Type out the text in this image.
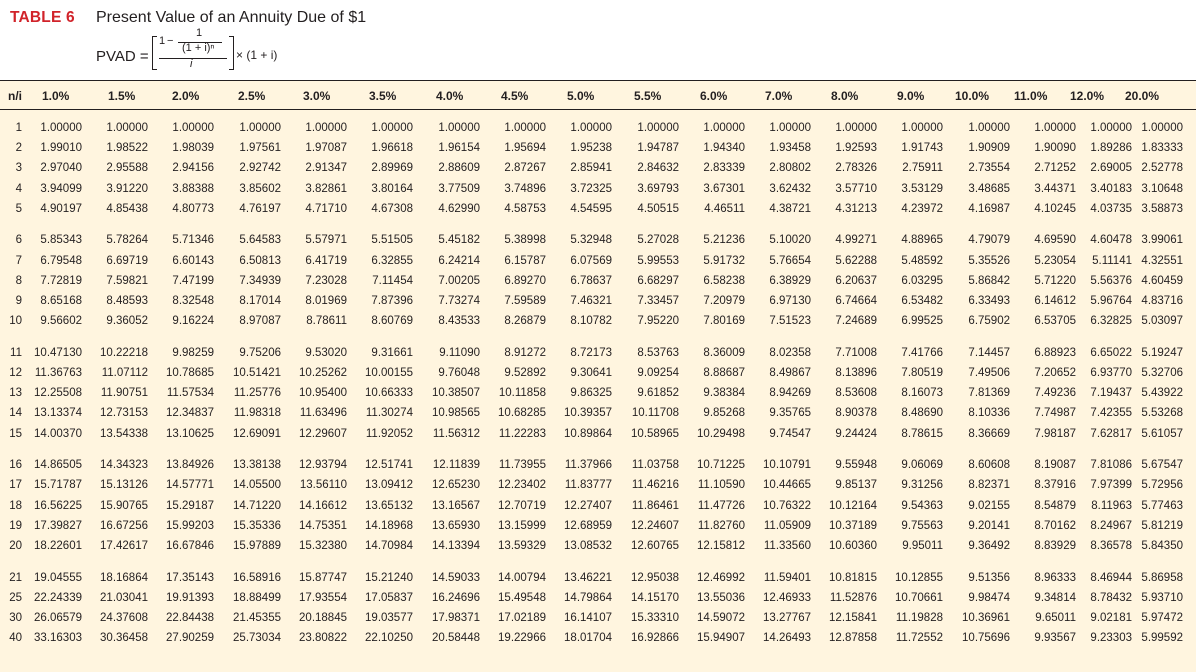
TABLE 6 Present Value of an Annuity Due of $1
PVAD =
1 −
1
(1 + i)ⁿ
i
× (1 + i)
n/i 1.0%	1.5%	2.0%	2.5%	3.0%	3.5%	4.0%	4.5%	5.0%	5.5%	6.0%	7.0%	8.0%	9.0%	10.0% 11.0% 12.0% 20.0%
1 1.00000 1.00000 1.00000 1.00000 1.00000 1.00000 1.00000 1.00000 1.00000 1.00000 1.00000 1.00000 1.00000 1.00000 1.00000 1.00000 1.00000 1.00000
2 1.99010 1.98522 1.98039 1.97561 1.97087 1.96618 1.96154 1.95694 1.95238 1.94787 1.94340 1.93458 1.92593 1.91743 1.90909 1.90090 1.89286 1.83333
3 2.97040 2.95588 2.94156 2.92742 2.91347 2.89969 2.88609 2.87267 2.85941 2.84632 2.83339 2.80802 2.78326 2.75911 2.73554 2.71252 2.69005 2.52778
4 3.94099 3.91220 3.88388 3.85602 3.82861 3.80164 3.77509 3.74896 3.72325 3.69793 3.67301 3.62432 3.57710 3.53129 3.48685 3.44371 3.40183 3.10648
5 4.90197 4.85438 4.80773 4.76197 4.71710 4.67308 4.62990 4.58753 4.54595 4.50515 4.46511 4.38721 4.31213 4.23972 4.16987 4.10245 4.03735 3.58873
6 5.85343 5.78264 5.71346 5.64583 5.57971 5.51505 5.45182 5.38998 5.32948 5.27028 5.21236 5.10020 4.99271 4.88965 4.79079 4.69590 4.60478 3.99061
7 6.79548 6.69719 6.60143 6.50813 6.41719 6.32855 6.24214 6.15787 6.07569 5.99553 5.91732 5.76654 5.62288 5.48592 5.35526 5.23054 5.11141 4.32551
8 7.72819 7.59821 7.47199 7.34939 7.23028 7.11454 7.00205 6.89270 6.78637 6.68297 6.58238 6.38929 6.20637 6.03295 5.86842 5.71220 5.56376 4.60459
9 8.65168 8.48593 8.32548 8.17014 8.01969 7.87396 7.73274 7.59589 7.46321 7.33457 7.20979 6.97130 6.74664 6.53482 6.33493 6.14612 5.96764 4.83716
10 9.56602 9.36052 9.16224 8.97087 8.78611 8.60769 8.43533 8.26879 8.10782 7.95220 7.80169 7.51523 7.24689 6.99525 6.75902 6.53705 6.32825 5.03097
11 10.47130 10.22218 9.98259 9.75206 9.53020 9.31661 9.11090 8.91272 8.72173 8.53763 8.36009 8.02358 7.71008 7.41766 7.14457 6.88923 6.65022 5.19247
12 11.36763 11.07112 10.78685 10.51421 10.25262 10.00155 9.76048 9.52892 9.30641 9.09254 8.88687 8.49867 8.13896 7.80519 7.49506 7.20652 6.93770 5.32706
13 12.25508 11.90751 11.57534 11.25776 10.95400 10.66333 10.38507 10.11858 9.86325 9.61852 9.38384 8.94269 8.53608 8.16073 7.81369 7.49236 7.19437 5.43922
14 13.13374 12.73153 12.34837 11.98318 11.63496 11.30274 10.98565 10.68285 10.39357 10.11708 9.85268 9.35765 8.90378 8.48690 8.10336 7.74987 7.42355 5.53268
15 14.00370 13.54338 13.10625 12.69091 12.29607 11.92052 11.56312 11.22283 10.89864 10.58965 10.29498 9.74547 9.24424 8.78615 8.36669 7.98187 7.62817 5.61057
16 14.86505 14.34323 13.84926 13.38138 12.93794 12.51741 12.11839 11.73955 11.37966 11.03758 10.71225 10.10791 9.55948 9.06069 8.60608 8.19087 7.81086 5.67547
17 15.71787 15.13126 14.57771 14.05500 13.56110 13.09412 12.65230 12.23402 11.83777 11.46216 11.10590 10.44665 9.85137 9.31256 8.82371 8.37916 7.97399 5.72956
18 16.56225 15.90765 15.29187 14.71220 14.16612 13.65132 13.16567 12.70719 12.27407 11.86461 11.47726 10.76322 10.12164 9.54363 9.02155 8.54879 8.11963 5.77463
19 17.39827 16.67256 15.99203 15.35336 14.75351 14.18968 13.65930 13.15999 12.68959 12.24607 11.82760 11.05909 10.37189 9.75563 9.20141 8.70162 8.24967 5.81219
20 18.22601 17.42617 16.67846 15.97889 15.32380 14.70984 14.13394 13.59329 13.08532 12.60765 12.15812 11.33560 10.60360 9.95011 9.36492 8.83929 8.36578 5.84350
21 19.04555 18.16864 17.35143 16.58916 15.87747 15.21240 14.59033 14.00794 13.46221 12.95038 12.46992 11.59401 10.81815 10.12855 9.51356 8.96333 8.46944 5.86958
25 22.24339 21.03041 19.91393 18.88499 17.93554 17.05837 16.24696 15.49548 14.79864 14.15170 13.55036 12.46933 11.52876 10.70661 9.98474 9.34814 8.78432 5.93710
30 26.06579 24.37608 22.84438 21.45355 20.18845 19.03577 17.98371 17.02189 16.14107 15.33310 14.59072 13.27767 12.15841 11.19828 10.36961 9.65011 9.02181 5.97472
40 33.16303 30.36458 27.90259 25.73034 23.80822 22.10250 20.58448 19.22966 18.01704 16.92866 15.94907 14.26493 12.87858 11.72552 10.75696 9.93567 9.23303 5.99592
